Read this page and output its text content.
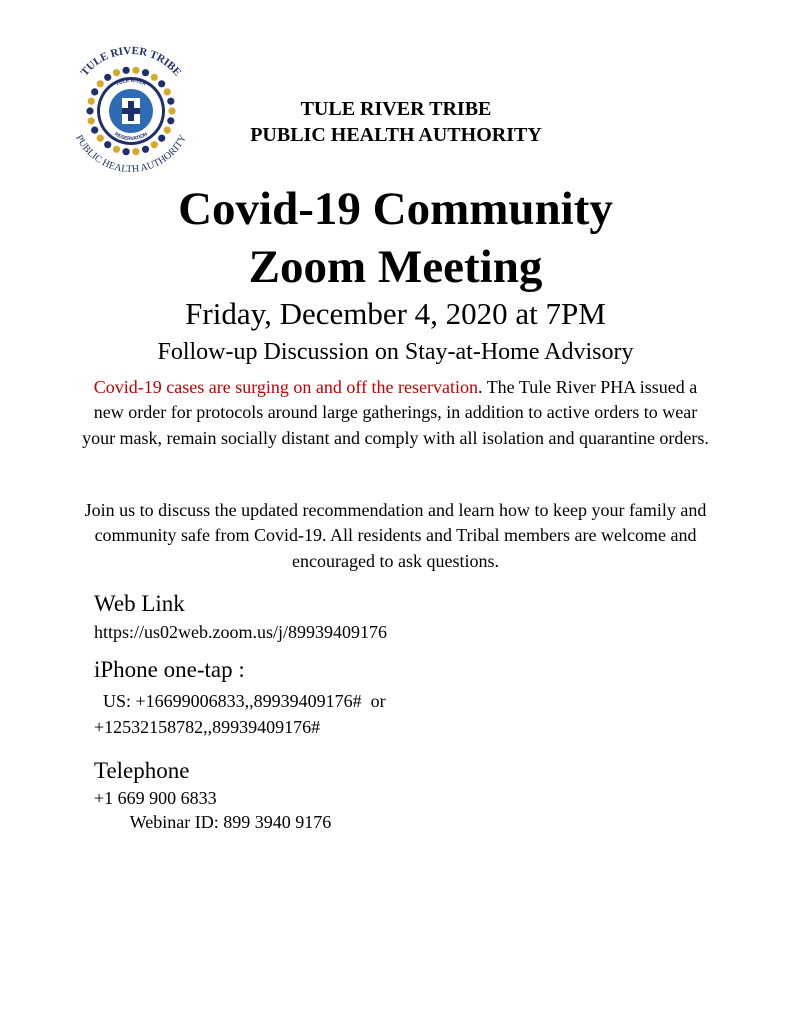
TULE RIVER TRIBE
PUBLIC HEALTH AUTHORITY
TULE RIVER
RESERVATION
TULE RIVER TRIBE
PUBLIC HEALTH AUTHORITY
Covid-19 Community
Zoom Meeting
Friday, December 4, 2020 at 7PM
Follow-up Discussion on Stay-at-Home Advisory
Covid-19 cases are surging on and off the reservation. The Tule River PHA issued a new order for protocols around large gatherings, in addition to active orders to wear your mask, remain socially distant and comply with all isolation and quarantine orders.
Join us to discuss the updated recommendation and learn how to keep your family and community safe from Covid-19. All residents and Tribal members are welcome and encouraged to ask questions.
Web Link
https://us02web.zoom.us/j/89939409176
iPhone one-tap :
US: +16699006833,,89939409176#  or
+12532158782,,89939409176#
Telephone
+1 669 900 6833
Webinar ID: 899 3940 9176
